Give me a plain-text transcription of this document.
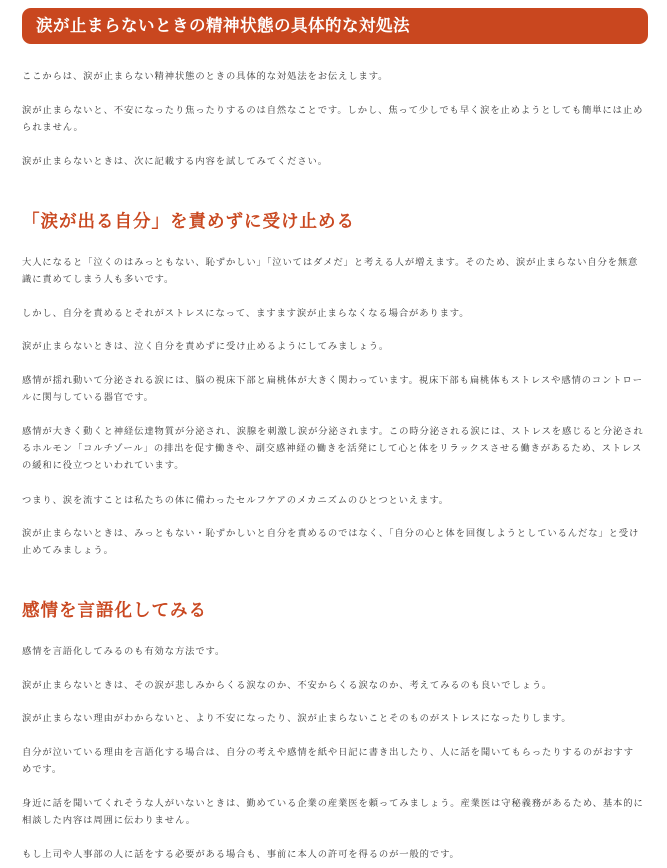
涙が止まらないときの精神状態の具体的な対処法

ここからは、涙が止まらない精神状態のときの具体的な対処法をお伝えします。

涙が止まらないと、不安になったり焦ったりするのは自然なことです。しかし、焦って少しでも早く涙を止めようとしても簡単には止められません。

涙が止まらないときは、次に記載する内容を試してみてください。

「涙が出る自分」を責めずに受け止める

大人になると「泣くのはみっともない、恥ずかしい」「泣いてはダメだ」と考える人が増えます。そのため、涙が止まらない自分を無意識に責めてしまう人も多いです。

しかし、自分を責めるとそれがストレスになって、ますます涙が止まらなくなる場合があります。

涙が止まらないときは、泣く自分を責めずに受け止めるようにしてみましょう。

感情が揺れ動いて分泌される涙には、脳の視床下部と扁桃体が大きく関わっています。視床下部も扁桃体もストレスや感情のコントロールに関与している器官です。

感情が大きく動くと神経伝達物質が分泌され、涙腺を刺激し涙が分泌されます。この時分泌される涙には、ストレスを感じると分泌されるホルモン「コルチゾール」の排出を促す働きや、副交感神経の働きを活発にして心と体をリラックスさせる働きがあるため、ストレスの緩和に役立つといわれています。

つまり、涙を流すことは私たちの体に備わったセルフケアのメカニズムのひとつといえます。

涙が止まらないときは、みっともない・恥ずかしいと自分を責めるのではなく、「自分の心と体を回復しようとしているんだな」と受け止めてみましょう。

感情を言語化してみる

感情を言語化してみるのも有効な方法です。

涙が止まらないときは、その涙が悲しみからくる涙なのか、不安からくる涙なのか、考えてみるのも良いでしょう。

涙が止まらない理由がわからないと、より不安になったり、涙が止まらないことそのものがストレスになったりします。

自分が泣いている理由を言語化する場合は、自分の考えや感情を紙や日記に書き出したり、人に話を聞いてもらったりするのがおすすめです。

身近に話を聞いてくれそうな人がいないときは、勤めている企業の産業医を頼ってみましょう。産業医は守秘義務があるため、基本的に相談した内容は周囲に伝わりません。

もし上司や人事部の人に話をする必要がある場合も、事前に本人の許可を得るのが一般的です。
